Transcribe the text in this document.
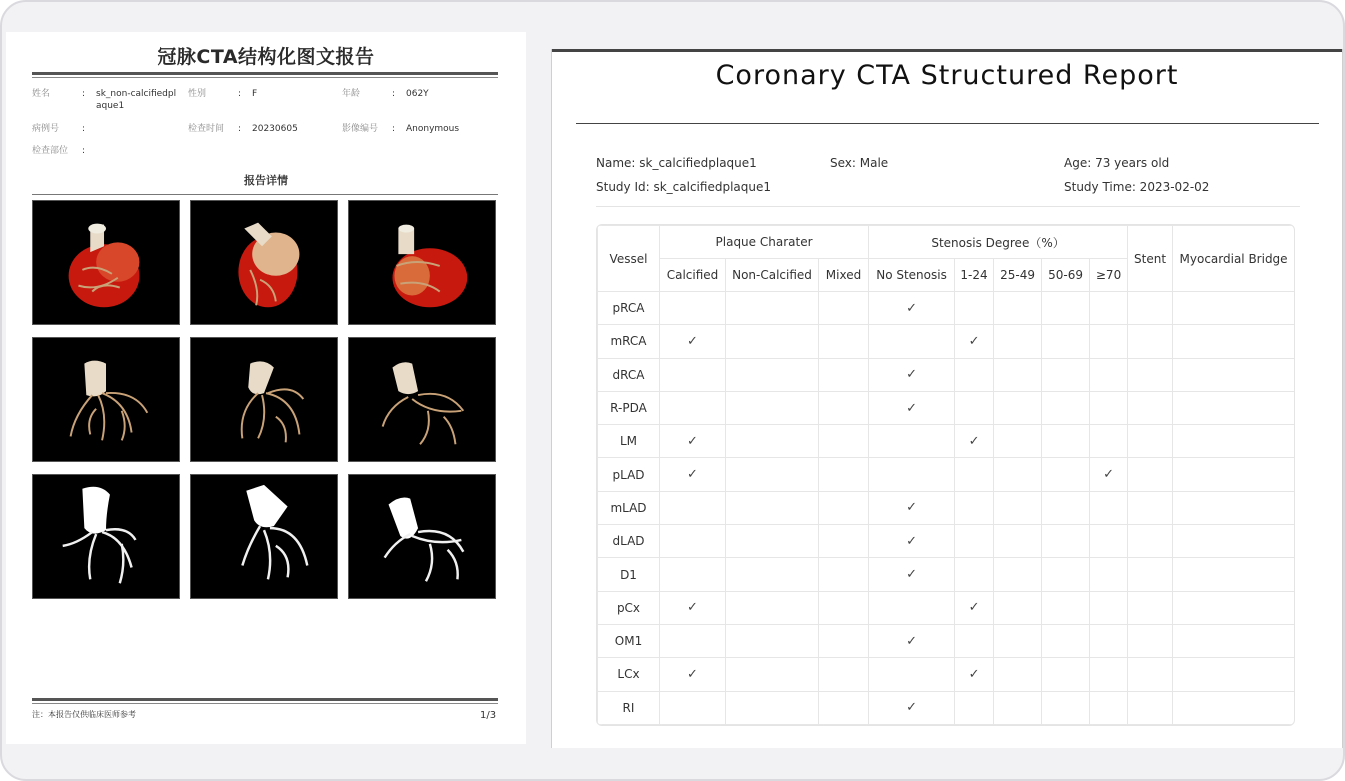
冠脉CTA结构化图文报告
姓名	: sk_non-calcifiedpl aque1
性别	: F	年龄	: 062Y
病例号	:	检查时间 : 20230605	影像编号 : Anonymous
检查部位 :
报告详情
注：本报告仅供临床医师参考	1/3
Coronary CTA Structured Report
Name: sk_calcifiedplaque1	Sex: Male	Age: 73 years old
Study Id: sk_calcifiedplaque1	Study Time: 2023-02-02
Vessel	Plaque Charater			Stenosis Degree（%）					Stent	Myocardial Bridge
	Calcified	Non-Calcified	Mixed	No Stenosis	1-24	25-49	50-69	≥70		
pRCA				✓						
mRCA	✓				✓					
dRCA				✓						
R-PDA				✓						
LM	✓				✓					
pLAD	✓							✓		
mLAD				✓						
dLAD				✓						
D1				✓						
pCx	✓				✓					
OM1				✓						
LCx	✓				✓					
RI				✓						
